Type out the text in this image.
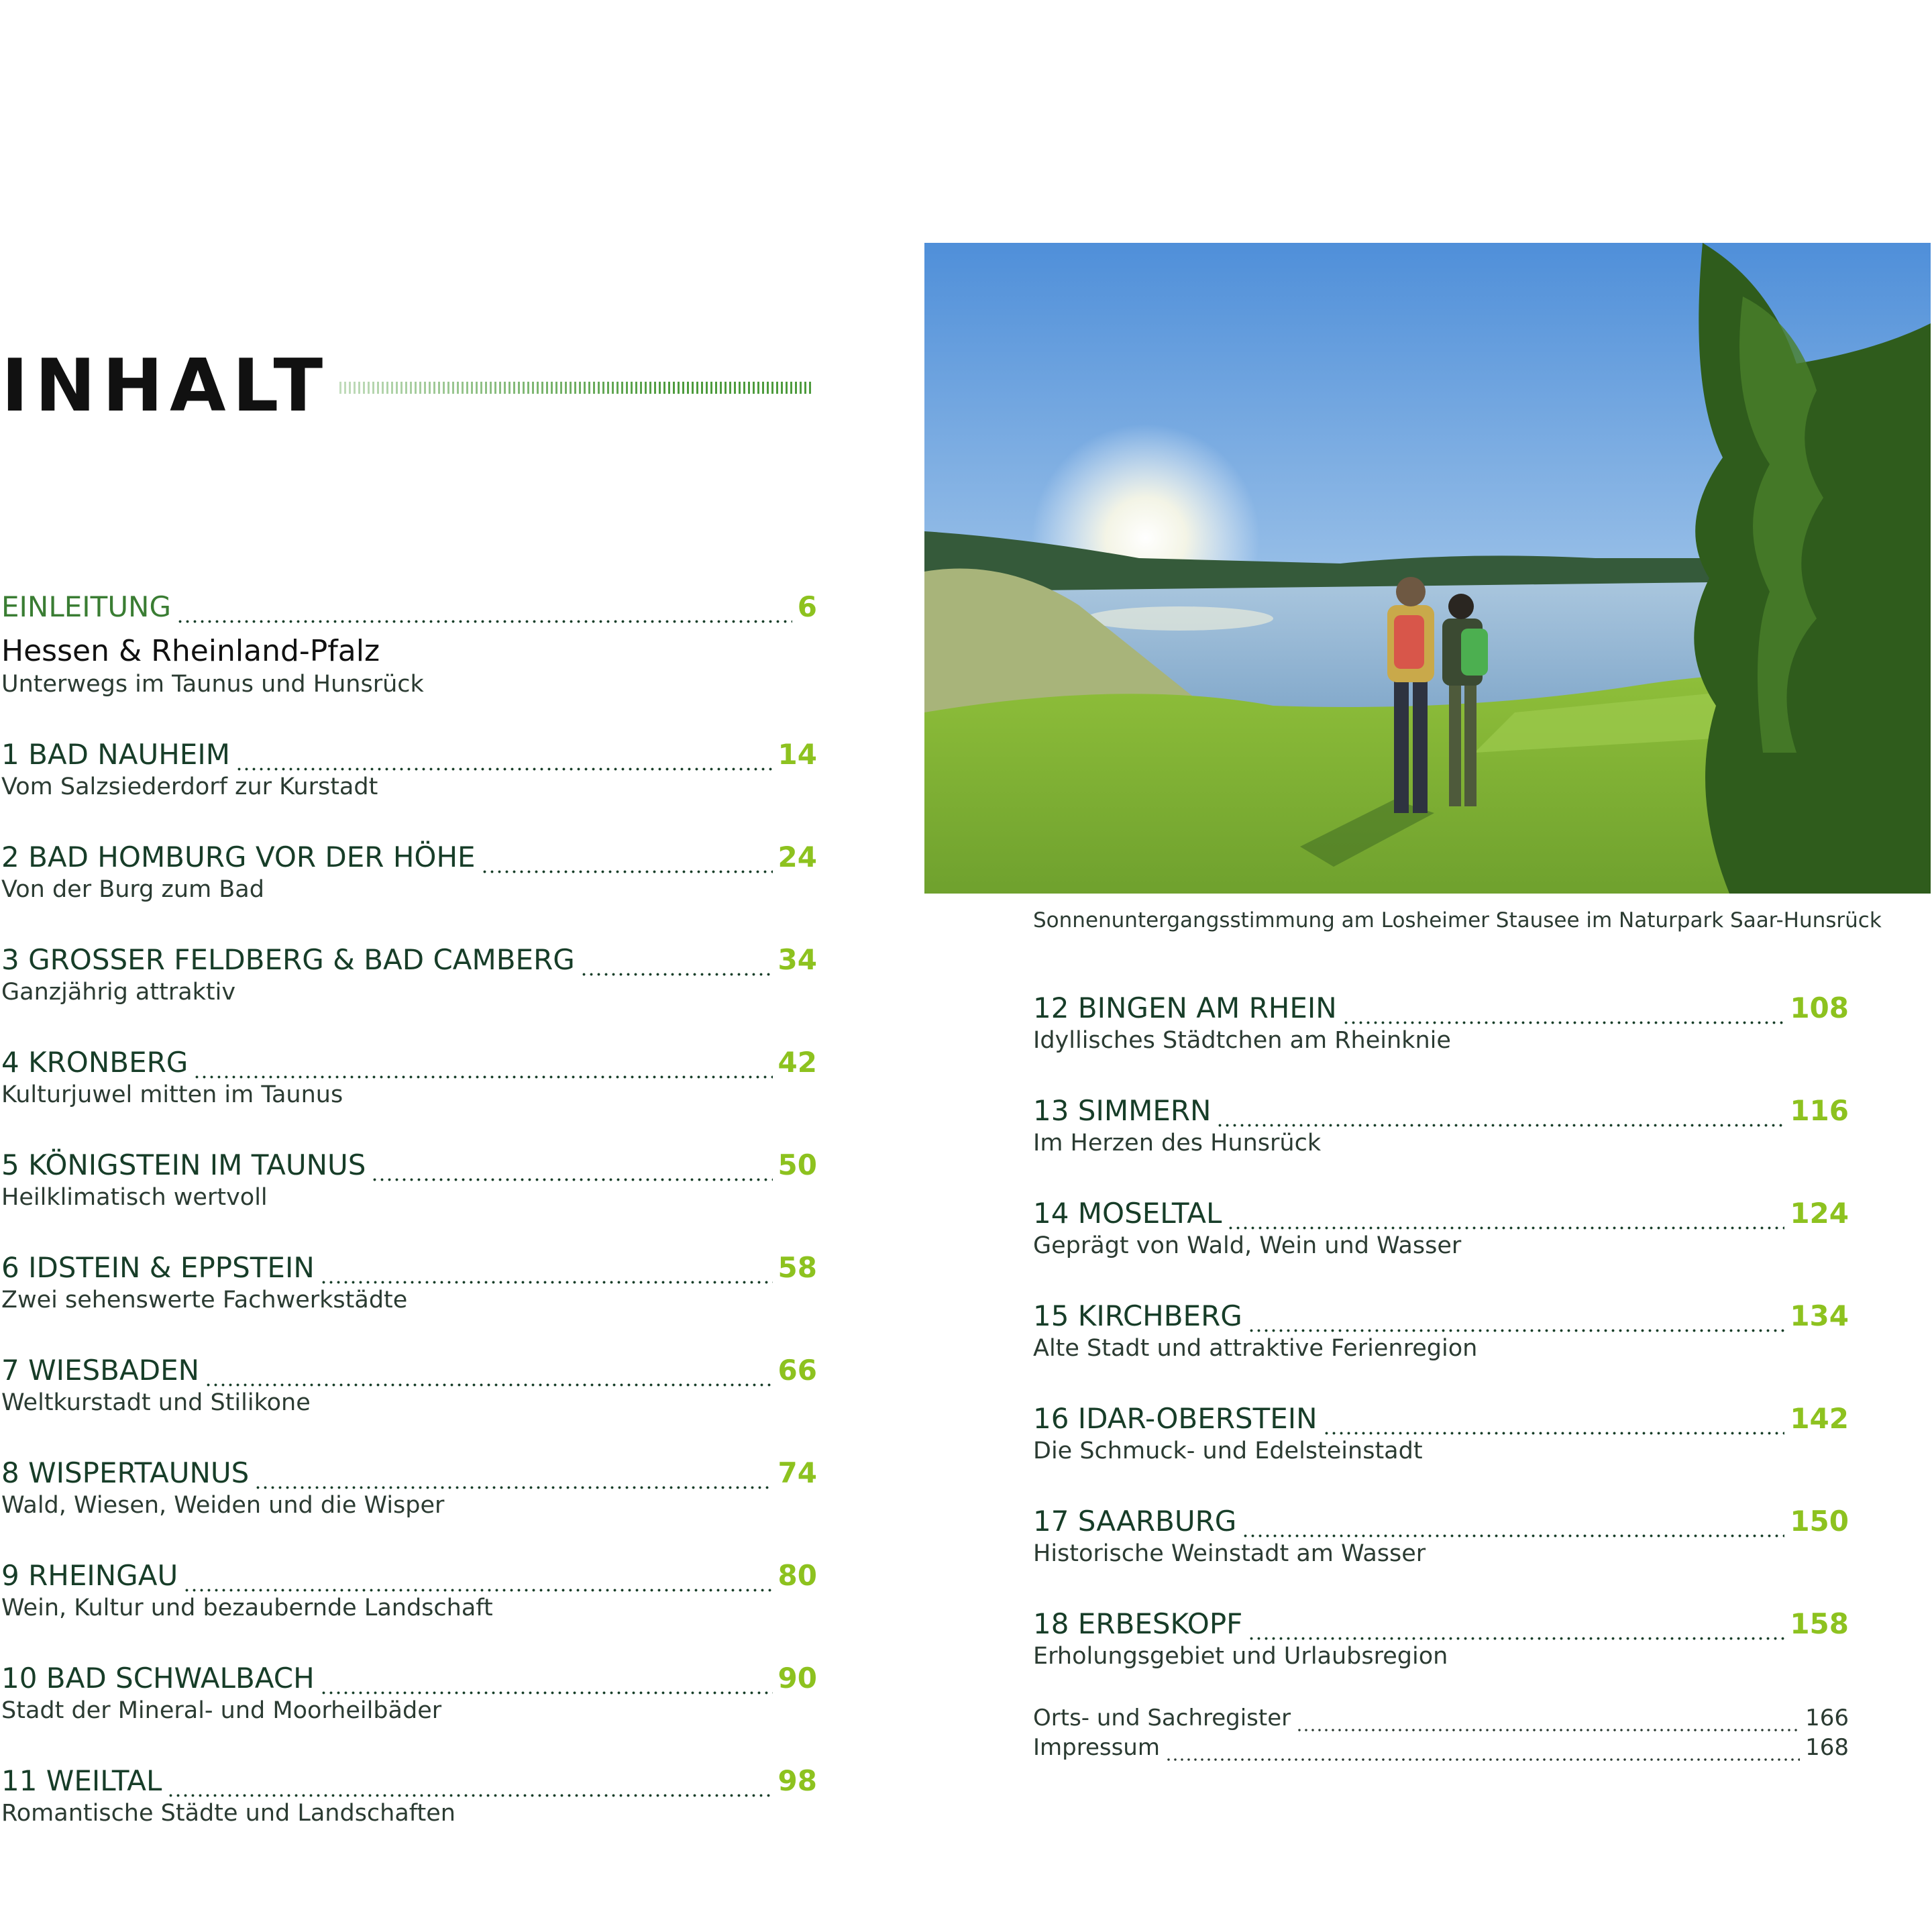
INHALT
EINLEITUNG	6
Hessen & Rheinland-Pfalz
Unterwegs im Taunus und Hunsrück
1 BAD NAUHEIM	14
Vom Salzsiederdorf zur Kurstadt
2 BAD HOMBURG VOR DER HÖHE	24
Von der Burg zum Bad
3 GROSSER FELDBERG & BAD CAMBERG	34
Ganzjährig attraktiv
4 KRONBERG	42
Kulturjuwel mitten im Taunus
5 KÖNIGSTEIN IM TAUNUS	50
Heilklimatisch wertvoll
6 IDSTEIN & EPPSTEIN	58
Zwei sehenswerte Fachwerkstädte
7 WIESBADEN	66
Weltkurstadt und Stilikone
8 WISPERTAUNUS	74
Wald, Wiesen, Weiden und die Wisper
9 RHEINGAU	80
Wein, Kultur und bezaubernde Landschaft
10 BAD SCHWALBACH	90
Stadt der Mineral- und Moorheilbäder
11 WEILTAL	98
Romantische Städte und Landschaften
Sonnenuntergangsstimmung am Losheimer Stausee im Naturpark Saar-Hunsrück
12 BINGEN AM RHEIN	108
Idyllisches Städtchen am Rheinknie
13 SIMMERN	116
Im Herzen des Hunsrück
14 MOSELTAL	124
Geprägt von Wald, Wein und Wasser
15 KIRCHBERG	134
Alte Stadt und attraktive Ferienregion
16 IDAR-OBERSTEIN	142
Die Schmuck- und Edelsteinstadt
17 SAARBURG	150
Historische Weinstadt am Wasser
18 ERBESKOPF	158
Erholungsgebiet und Urlaubsregion
Orts- und Sachregister	166
Impressum	168
